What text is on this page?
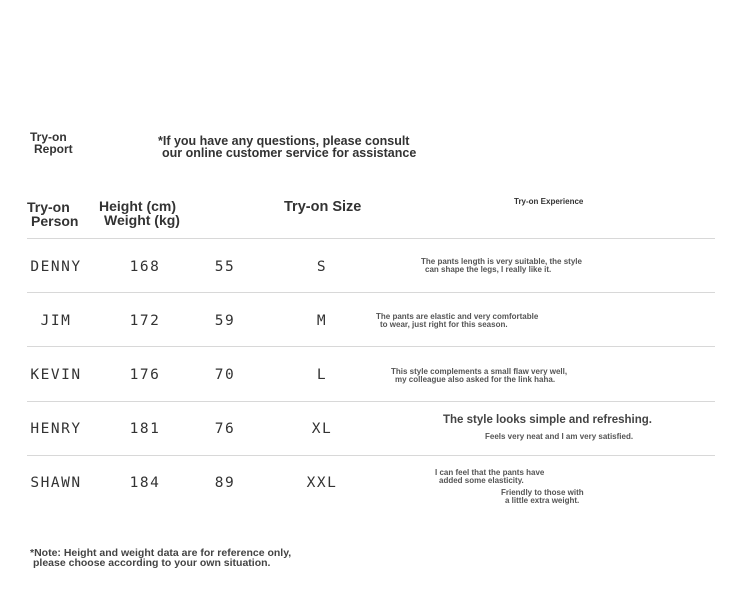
Try-on
Report
*If you have any questions, please consult
our online customer service for assistance
Try-on
Person
Height (cm)
Weight (kg)
Try-on Size	Try-on Experience
DENNY	168	55	S	The pants length is very suitable, the style
can shape the legs, I really like it.
JIM	172	59	M	The pants are elastic and very comfortable
to wear, just right for this season.
KEVIN	176	70	L	This style complements a small flaw very well,
my colleague also asked for the link haha.
HENRY	181	76	XL
The style looks simple and refreshing.
Feels very neat and I am very satisfied.
SHAWN	184	89	XXL
I can feel that the pants have
added some elasticity.
Friendly to those with
a little extra weight.
*Note: Height and weight data are for reference only,
please choose according to your own situation.
